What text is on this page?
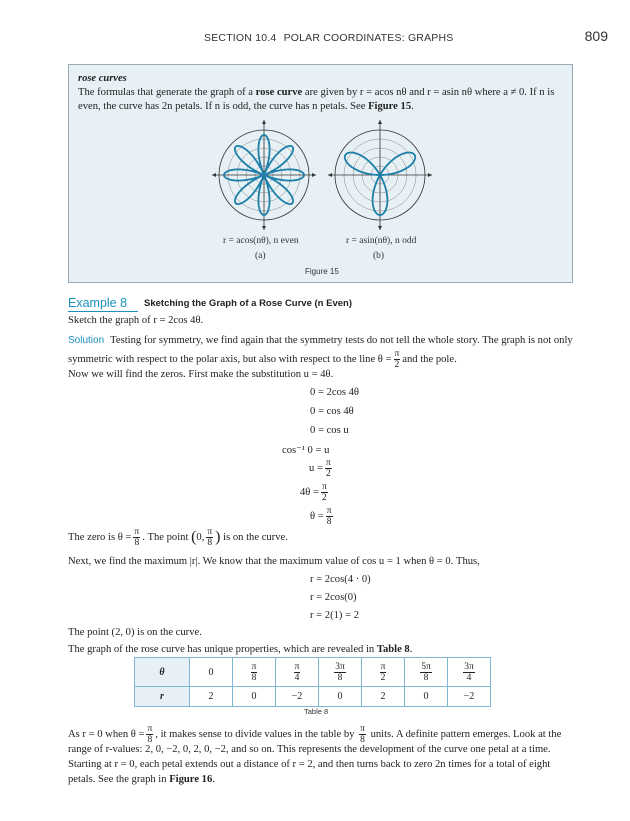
SECTION 10.4 POLAR COORDINATES: GRAPHS	809
rose curves
The formulas that generate the graph of a rose curve are given by r = acos nθ and r = asin nθ where a ≠ 0. If n is even, the curve has 2n petals. If n is odd, the curve has n petals. See Figure 15.
r = acos(nθ), n even
(a)
r = asin(nθ), n odd
(b)
Figure 15
Example 8 Sketching the Graph of a Rose Curve (n Even)
Sketch the graph of r = 2cos 4θ.
Solution Testing for symmetry, we find again that the symmetry tests do not tell the whole story. The graph is not only
symmetric with respect to the polar axis, but also with respect to the line $\theta = \frac{\pi}{2}$ and the pole.
Now we will find the zeros. First make the substitution u = 4θ.
0 = 2cos 4θ
0 = cos 4θ
0 = cos u
cos⁻¹ 0 = u
$u = \frac{\pi}{2}$
$4\theta = \frac{\pi}{2}$
$\theta = \frac{\pi}{8}$
The zero is $\theta = \frac{\pi}{8}$ . The point (0, $\frac{\pi}{8}$ ) is on the curve.
Next, we find the maximum |r|. We know that the maximum value of cos u = 1 when θ = 0. Thus,
r = 2cos(4 · 0)
r = 2cos(0)
r = 2(1) = 2
The point (2, 0) is on the curve.
The graph of the rose curve has unique properties, which are revealed in Table 8.
θ	0	$\frac{\pi}{8}$	$\frac{\pi}{4}$	$\frac{3\pi}{8}$	$\frac{\pi}{2}$	$\frac{5\pi}{8}$	$\frac{3\pi}{4}$

r	2	0	−2	0	2	0	−2
Table 8
As r = 0 when $\theta = \frac{\pi}{8}$ , it makes sense to divide values in the table by $\frac{\pi}{8}$ units. A definite pattern emerges. Look at the
range of r-values: 2, 0, −2, 0, 2, 0, −2, and so on. This represents the development of the curve one petal at a time.
Starting at r = 0, each petal extends out a distance of r = 2, and then turns back to zero 2n times for a total of eight
petals. See the graph in Figure 16.
